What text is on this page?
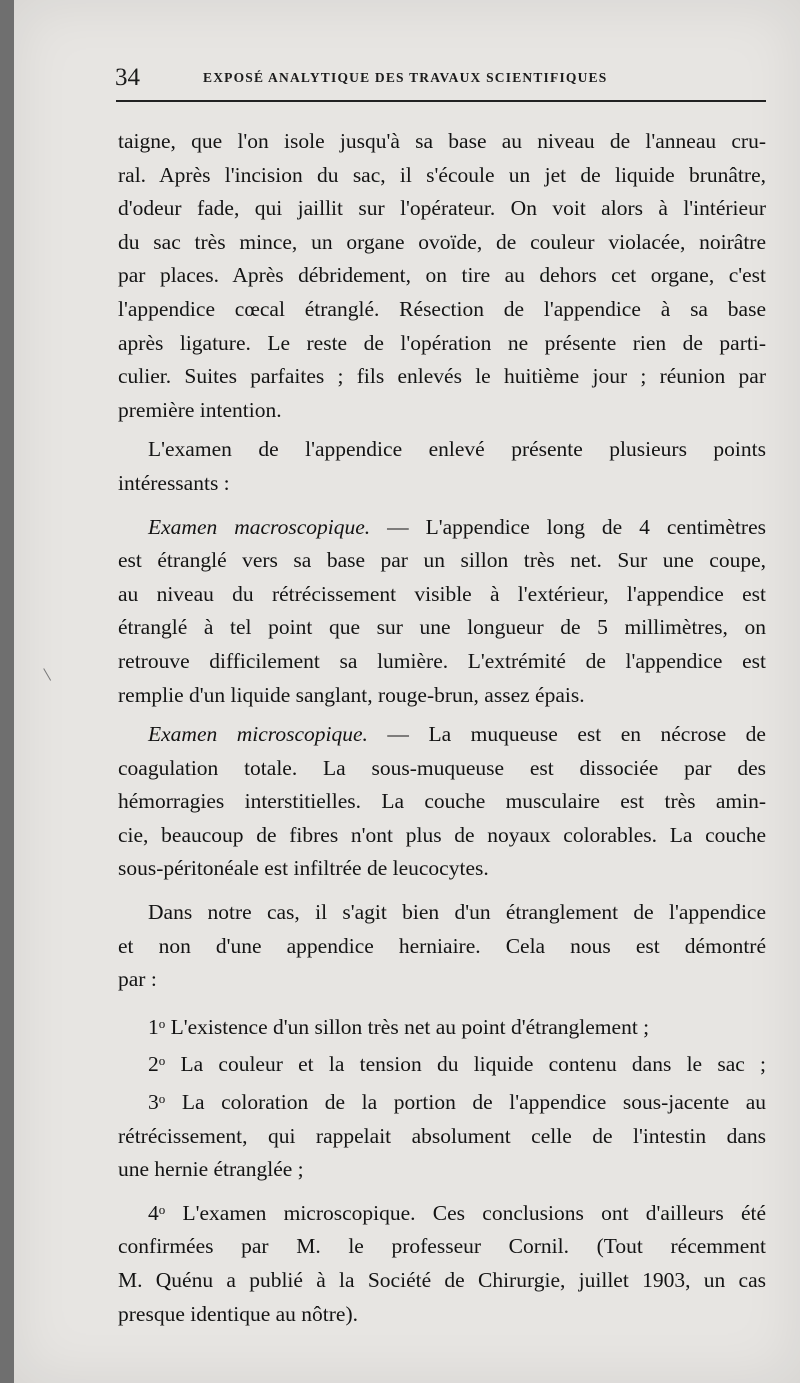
34	EXPOSÉ ANALYTIQUE DES TRAVAUX SCIENTIFIQUES

taigne, que l'on isole jusqu'à sa base au niveau de l'anneau cru-

ral. Après l'incision du sac, il s'écoule un jet de liquide brunâtre,

d'odeur fade, qui jaillit sur l'opérateur. On voit alors à l'intérieur

du sac très mince, un organe ovoïde, de couleur violacée, noirâtre

par places. Après débridement, on tire au dehors cet organe, c'est

l'appendice cœcal étranglé. Résection de l'appendice à sa base

après ligature. Le reste de l'opération ne présente rien de parti-

culier. Suites parfaites ; fils enlevés le huitième jour ; réunion par

première intention.

L'examen de l'appendice enlevé présente plusieurs points

intéressants :

Examen macroscopique. — L'appendice long de 4 centimètres

est étranglé vers sa base par un sillon très net. Sur une coupe,

au niveau du rétrécissement visible à l'extérieur, l'appendice est

étranglé à tel point que sur une longueur de 5 millimètres, on

retrouve difficilement sa lumière. L'extrémité de l'appendice est

remplie d'un liquide sanglant, rouge-brun, assez épais.

Examen microscopique. — La muqueuse est en nécrose de

coagulation totale. La sous-muqueuse est dissociée par des

hémorragies interstitielles. La couche musculaire est très amin-

cie, beaucoup de fibres n'ont plus de noyaux colorables. La couche

sous-péritonéale est infiltrée de leucocytes.

Dans notre cas, il s'agit bien d'un étranglement de l'appendice

et non d'une appendice herniaire. Cela nous est démontré

par :

1$^o$ L'existence d'un sillon très net au point d'étranglement ;

2$^o$ La couleur et la tension du liquide contenu dans le sac ;

3$^o$ La coloration de la portion de l'appendice sous-jacente au

rétrécissement, qui rappelait absolument celle de l'intestin dans

une hernie étranglée ;

4$^o$ L'examen microscopique. Ces conclusions ont d'ailleurs été

confirmées par M. le professeur Cornil. (Tout récemment

M. Quénu a publié à la Société de Chirurgie, juillet 1903, un cas

presque identique au nôtre).
